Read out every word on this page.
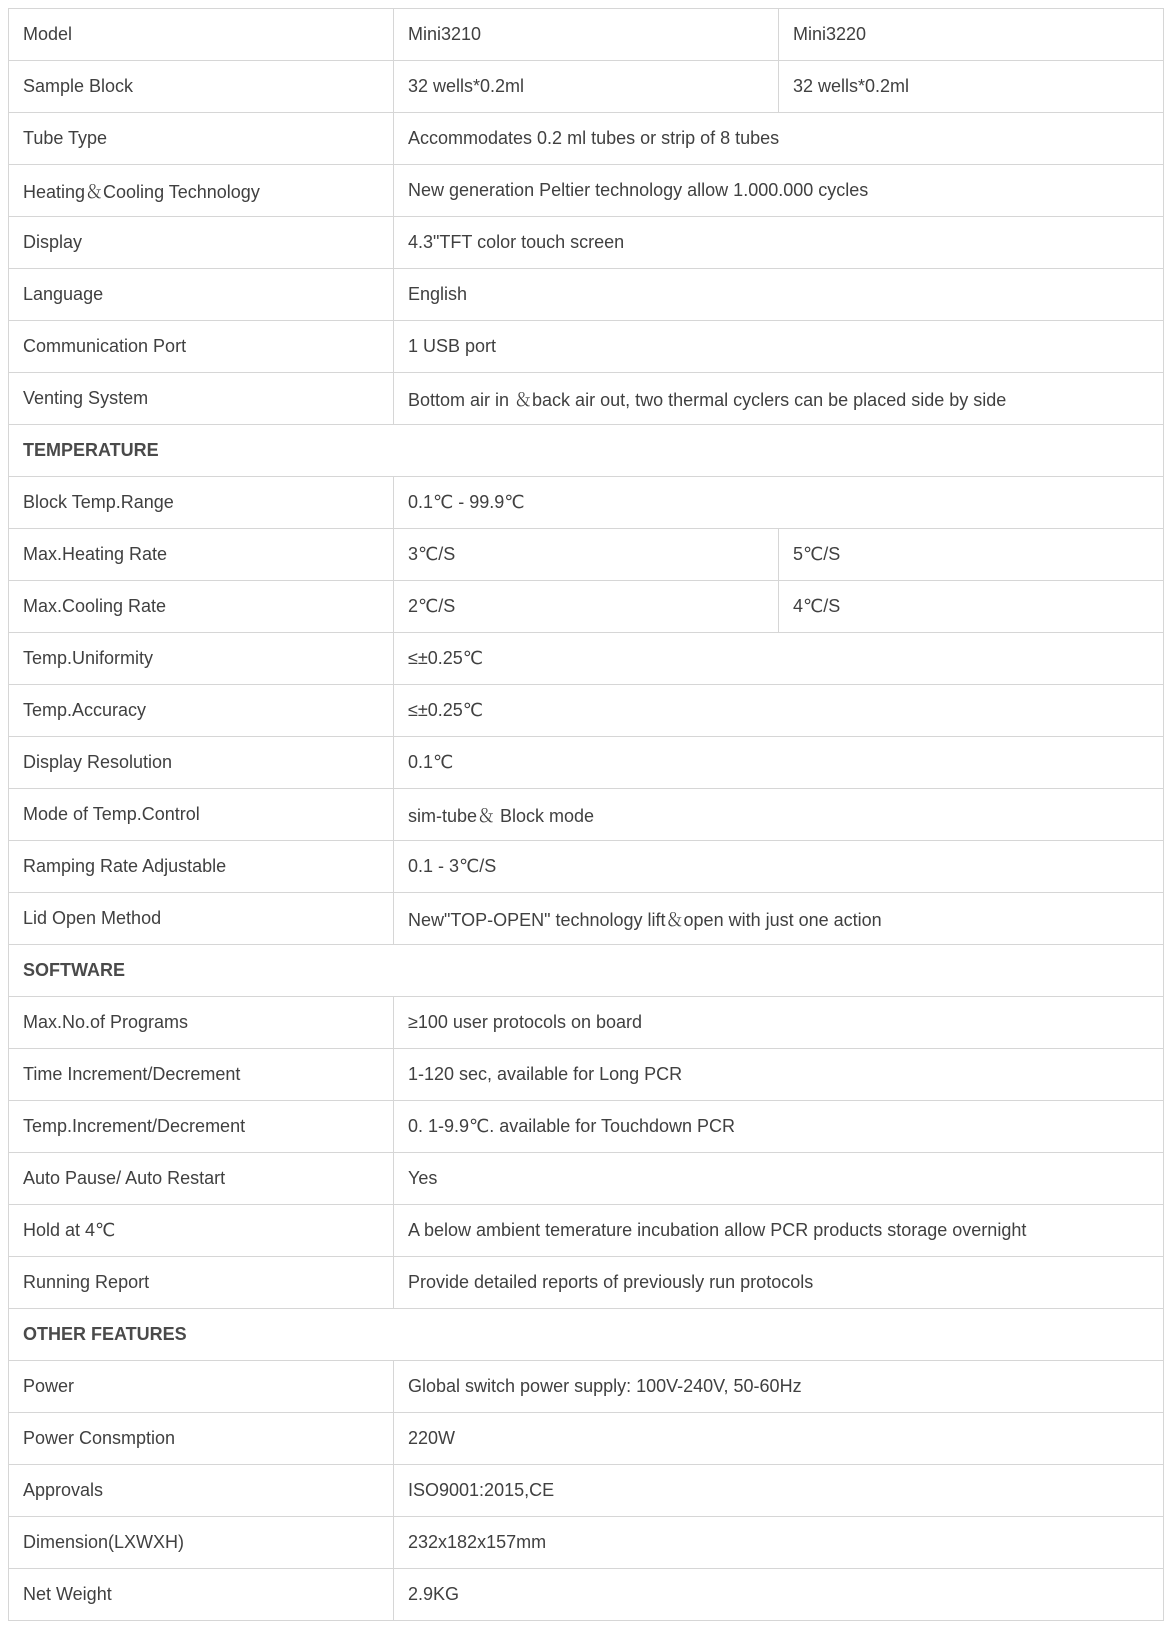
Model	Mini3210	Mini3220
Sample Block	32 wells*0.2ml	32 wells*0.2ml
Tube Type	Accommodates 0.2 ml tubes or strip of 8 tubes	
Heating＆Cooling Technology	New generation Peltier technology allow 1.000.000 cycles	
Display	4.3"TFT color touch screen	
Language	English	
Communication Port	1 USB port	
Venting System	Bottom air in ＆back air out, two thermal cyclers can be placed side by side	
TEMPERATURE		
Block Temp.Range	0.1℃ - 99.9℃	
Max.Heating Rate	3℃/S	5℃/S
Max.Cooling Rate	2℃/S	4℃/S
Temp.Uniformity	≤±0.25℃	
Temp.Accuracy	≤±0.25℃	
Display Resolution	0.1℃	
Mode of Temp.Control	sim-tube＆ Block mode	
Ramping Rate Adjustable	0.1 - 3℃/S	
Lid Open Method	New"TOP-OPEN" technology lift＆open with just one action	
SOFTWARE		
Max.No.of Programs	≥100 user protocols on board	
Time Increment/Decrement	1-120 sec, available for Long PCR	
Temp.Increment/Decrement	0. 1-9.9℃. available for Touchdown PCR	
Auto Pause/ Auto Restart	Yes	
Hold at 4℃	A below ambient temerature incubation allow PCR products storage overnight	
Running Report	Provide detailed reports of previously run protocols	
OTHER FEATURES		
Power	Global switch power supply: 100V-240V, 50-60Hz	
Power Consmption	220W	
Approvals	ISO9001:2015,CE	
Dimension(LXWXH)	232x182x157mm	
Net Weight	2.9KG	
